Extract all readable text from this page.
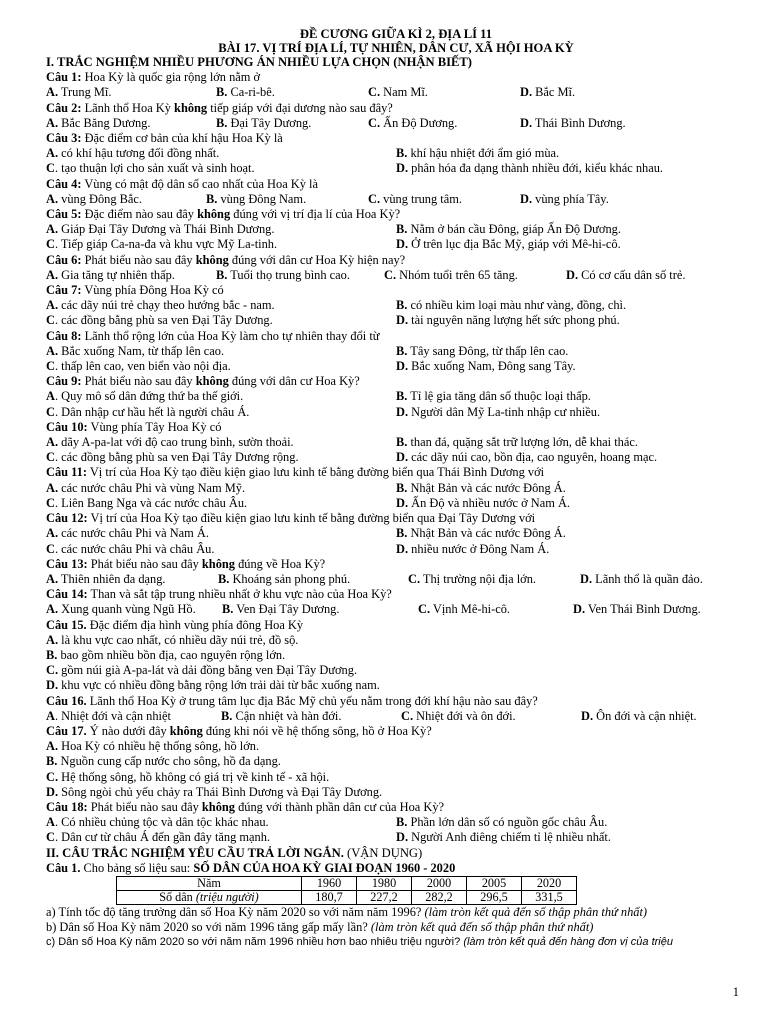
ĐỀ CƯƠNG GIỮA KÌ 2, ĐỊA LÍ 11
BÀI 17. VỊ TRÍ ĐỊA LÍ, TỰ NHIÊN, DÂN CƯ, XÃ HỘI HOA KỲ
I. TRẮC NGHIỆM NHIỀU PHƯƠNG ÁN NHIỀU LỰA CHỌN (NHẬN BIẾT)
Câu 1: Hoa Kỳ là quốc gia rộng lớn nằm ở
A. Trung Mĩ.	B. Ca-ri-bê.	C. Nam Mĩ.	D. Bắc Mĩ.
Câu 2: Lãnh thổ Hoa Kỳ không tiếp giáp với đại dương nào sau đây?
A. Bắc Băng Dương.	B. Đại Tây Dương.	C. Ấn Độ Dương.	D. Thái Bình Dương.
Câu 3: Đặc điểm cơ bản của khí hậu Hoa Kỳ là
A. có khí hậu tương đối đồng nhất.	B. khí hậu nhiệt đới ẩm gió mùa.
C. tạo thuận lợi cho sản xuất và sinh hoạt.	D. phân hóa đa dạng thành nhiều đới, kiểu khác nhau.
Câu 4: Vùng có mật độ dân số cao nhất của Hoa Kỳ là
A. vùng Đông Bắc.	B. vùng Đông Nam.	C. vùng trung tâm.	D. vùng phía Tây.
Câu 5: Đặc điểm nào sau đây không đúng với vị trí địa lí của Hoa Kỳ?
A. Giáp Đại Tây Dương và Thái Bình Dương.	B. Nằm ở bán cầu Đông, giáp Ấn Độ Dương.
C. Tiếp giáp Ca-na-đa và khu vực Mỹ La-tinh.	D. Ở trên lục địa Bắc Mỹ, giáp với Mê-hi-cô.
Câu 6: Phát biểu nào sau đây không đúng với dân cư Hoa Kỳ hiện nay?
A. Gia tăng tự nhiên thấp.	B. Tuổi thọ trung bình cao.	C. Nhóm tuổi trên 65 tăng.	D. Có cơ cấu dân số trẻ.
Câu 7: Vùng phía Đông Hoa Kỳ có
A. các dãy núi trẻ chạy theo hướng bắc - nam.	B. có nhiều kim loại màu như vàng, đồng, chì.
C. các đồng bằng phù sa ven Đại Tây Dương.	D. tài nguyên năng lượng hết sức phong phú.
Câu 8: Lãnh thổ rộng lớn của Hoa Kỳ làm cho tự nhiên thay đổi từ
A. Bắc xuống Nam, từ thấp lên cao.	B. Tây sang Đông, từ thấp lên cao.
C. thấp lên cao, ven biển vào nội địa.	D. Bắc xuống Nam, Đông sang Tây.
Câu 9: Phát biểu nào sau đây không đúng với dân cư Hoa Kỳ?
A. Quy mô số dân đứng thứ ba thế giới.	B. Tỉ lệ gia tăng dân số thuộc loại thấp.
C. Dân nhập cư hầu hết là người châu Á.	D. Người dân Mỹ La-tinh nhập cư nhiều.
Câu 10: Vùng phía Tây Hoa Kỳ có
A. dãy A-pa-lat với độ cao trung bình, sườn thoải.	B. than đá, quặng sắt trữ lượng lớn, dễ khai thác.
C. các đồng bằng phù sa ven Đại Tây Dương rộng.	D. các dãy núi cao, bồn địa, cao nguyên, hoang mạc.
Câu 11: Vị trí của Hoa Kỳ tạo điều kiện giao lưu kinh tế bằng đường biển qua Thái Bình Dương với
A. các nước châu Phi và vùng Nam Mỹ.	B. Nhật Bản và các nước Đông Á.
C. Liên Bang Nga và các nước châu Âu.	D. Ấn Độ và nhiều nước ở Nam Á.
Câu 12: Vị trí của Hoa Kỳ tạo điều kiện giao lưu kinh tế bằng đường biển qua Đại Tây Dương với
A. các nước châu Phi và Nam Á.	B. Nhật Bản và các nước Đông Á.
C. các nước châu Phi và châu Âu.	D. nhiều nước ở Đông Nam Á.
Câu 13: Phát biểu nào sau đây không đúng về Hoa Kỳ?
A. Thiên nhiên đa dạng.	B. Khoáng sản phong phú.	C. Thị trường nội địa lớn.	D. Lãnh thổ là quần đảo.
Câu 14: Than và sắt tập trung nhiều nhất ở khu vực nào của Hoa Kỳ?
A. Xung quanh vùng Ngũ Hồ.	B. Ven Đại Tây Dương.	C. Vịnh Mê-hi-cô.	D. Ven Thái Bình Dương.
Câu 15. Đặc điểm địa hình vùng phía đông Hoa Kỳ
A. là khu vực cao nhất, có nhiều dãy núi trẻ, đồ sộ.
B. bao gồm nhiều bồn địa, cao nguyên rộng lớn.
C. gồm núi già A-pa-lát và dải đồng bằng ven Đại Tây Dương.
D. khu vực có nhiều đồng bằng rộng lớn trải dài từ bắc xuống nam.
Câu 16. Lãnh thổ Hoa Kỳ ở trung tâm lục địa Bắc Mỹ chủ yếu nằm trong đới khí hậu nào sau đây?
A. Nhiệt đới và cận nhiệt	B. Cận nhiệt và hàn đới.	C. Nhiệt đới và ôn đới.	D. Ôn đới và cận nhiệt.
Câu 17. Ý nào dưới đây không đúng khi nói về hệ thống sông, hồ ở Hoa Kỳ?
A. Hoa Kỳ có nhiều hệ thống sông, hồ lớn.
B. Nguồn cung cấp nước cho sông, hồ đa dạng.
C. Hệ thống sông, hồ không có giá trị về kinh tế - xã hội.
D. Sông ngòi chủ yếu chảy ra Thái Bình Dương và Đại Tây Dương.
Câu 18: Phát biểu nào sau đây không đúng với thành phần dân cư của Hoa Kỳ?
A. Có nhiều chủng tộc và dân tộc khác nhau.	B. Phần lớn dân số có nguồn gốc châu Âu.
C. Dân cư từ châu Á đến gần đây tăng mạnh.	D. Người Anh điêng chiếm tỉ lệ nhiều nhất.
II. CÂU TRẮC NGHIỆM YÊU CẦU TRẢ LỜI NGẮN. (VẬN DỤNG)
Câu 1. Cho bảng số liệu sau: SỐ DÂN CỦA HOA KỲ GIAI ĐOẠN 1960 - 2020
Năm	1960	1980	2000	2005	2020
Số dân (triệu người)	180,7	227,2	282,2	296,5	331,5
a) Tính tốc độ tăng trưởng dân số Hoa Kỳ năm 2020 so với năm năm 1996? (làm tròn kết quả đến số thập phân thứ nhất)
b) Dân số Hoa Kỳ năm 2020 so với năm 1996 tăng gấp mấy lần? (làm tròn kết quả đến số thập phân thứ nhất)
c) Dân số Hoa Kỳ năm 2020 so với năm năm 1996 nhiều hơn bao nhiêu triệu người? (làm tròn kết quả đến hàng đơn vị của triệu
1
